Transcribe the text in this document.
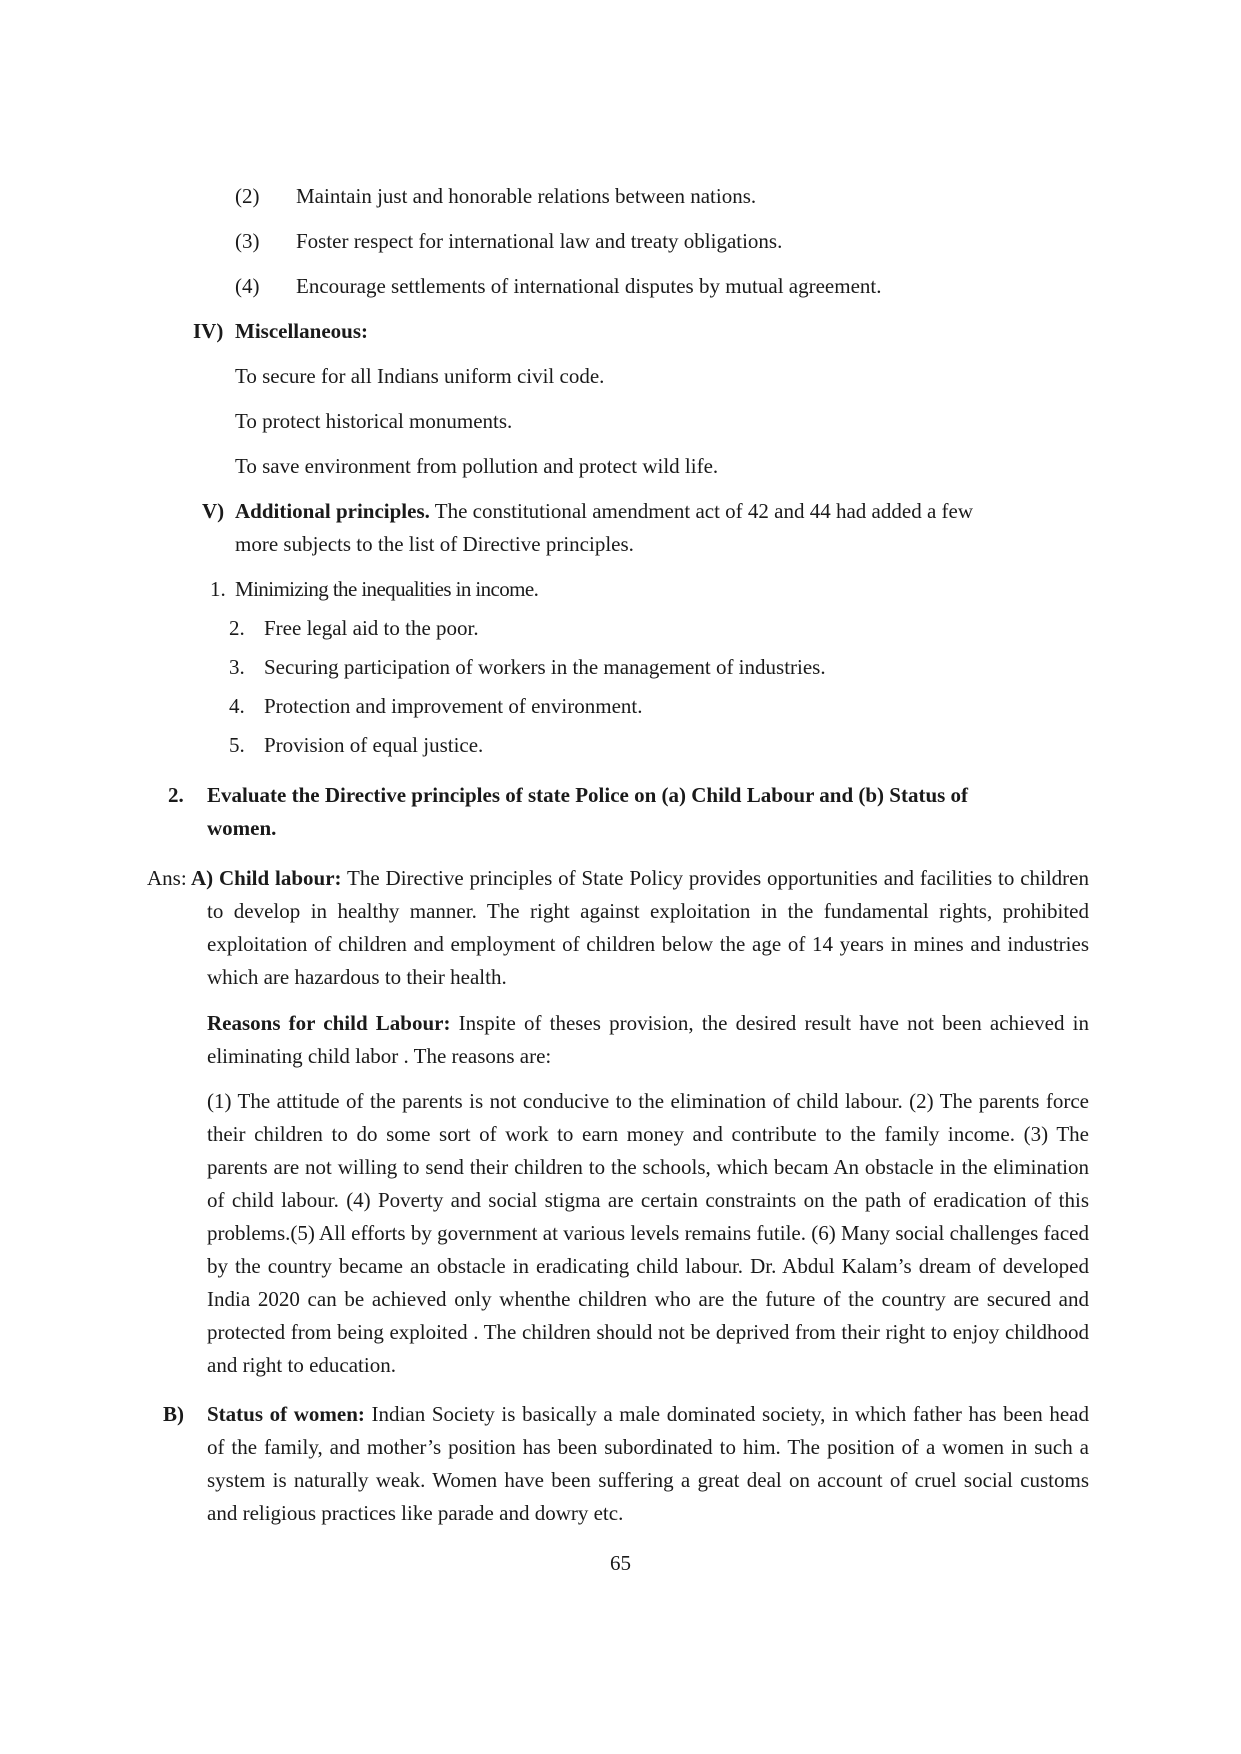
(2) Maintain just and honorable relations between nations.
(3) Foster respect for international law and treaty obligations.
(4) Encourage settlements of international disputes by mutual agreement.
IV) Miscellaneous:
To secure for all Indians uniform civil code.
To protect historical monuments.
To save environment from pollution and protect wild life.
V) Additional principles. The constitutional amendment act of 42 and 44 had added a few
more subjects to the list of Directive principles.
1. Minimizing the inequalities in income.
2. Free legal aid to the poor.
3. Securing participation of workers in the management of industries.
4. Protection and improvement of environment.
5. Provision of equal justice.
2. Evaluate the Directive principles of state Police on (a) Child Labour and (b) Status of
women.
Ans: A) Child labour: The Directive principles of State Policy provides opportunities and facilities to children to develop in healthy manner. The right against exploitation in the fundamental rights, prohibited exploitation of children and employment of children below the age of 14 years in mines and industries which are hazardous to their health.
Reasons for child Labour: Inspite of theses provision, the desired result have not been achieved in eliminating child labor . The reasons are:
(1) The attitude of the parents is not conducive to the elimination of child labour. (2) The parents force their children to do some sort of work to earn money and contribute to the family income. (3) The parents are not willing to send their children to the schools, which becam An obstacle in the elimination of child labour. (4) Poverty and social stigma are certain constraints on the path of eradication of this problems.(5) All efforts by government at various levels remains futile. (6) Many social challenges faced by the country became an obstacle in eradicating child labour. Dr. Abdul Kalam’s dream of developed India 2020 can be achieved only whenthe children who are the future of the country are secured and protected from being exploited . The children should not be deprived from their right to enjoy childhood and right to education.
B) Status of women: Indian Society is basically a male dominated society, in which father has been head of the family, and mother’s position has been subordinated to him. The position of a women in such a system is naturally weak. Women have been suffering a great deal on account of cruel social customs and religious practices like parade and dowry etc.
65
